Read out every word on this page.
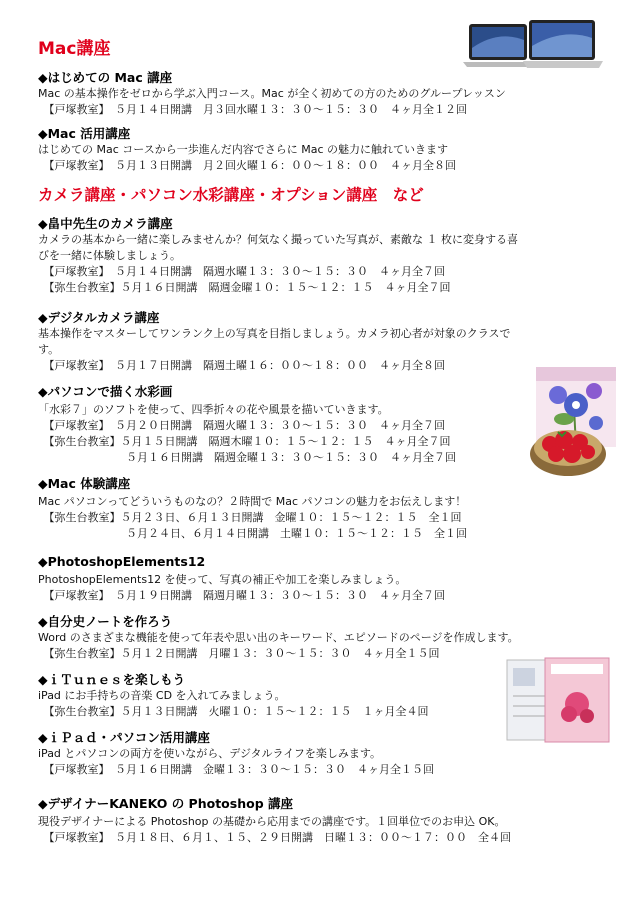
Mac講座
カメラ講座・パソコン水彩講座・オプション講座　など
◆はじめての Mac 講座
Mac の基本操作をゼロから学ぶ入門コース。Mac が全く初めての方のためのグループレッスン
　【戸塚教室】　５月１４日開講　月３回水曜１３：３０～１５：３０　４ヶ月全１２回
◆Mac 活用講座
はじめての Mac コースから一歩進んだ内容でさらに Mac の魅力に触れていきます
　【戸塚教室】　５月１３日開講　月２回火曜１６：００～１８：００　４ヶ月全８回
◆畠中先生のカメラ講座
カメラの基本から一緒に楽しみませんか？何気なく撮っていた写真が、素敵な １ 枚に変身する喜
びを一緒に体験しましょう。
　【戸塚教室】　５月１４日開講　隔週水曜１３：３０～１５：３０　４ヶ月全７回
　【弥生台教室】５月１６日開講　隔週金曜１０：１５～１２：１５　４ヶ月全７回
◆デジタルカメラ講座
基本操作をマスターしてワンランク上の写真を目指しましょう。カメラ初心者が対象のクラスで
す。
　【戸塚教室】　５月１７日開講　隔週土曜１６：００～１８：００　４ヶ月全８回
◆パソコンで描く水彩画
「水彩７」のソフトを使って、四季折々の花や風景を描いていきます。
　【戸塚教室】　５月２０日開講　隔週火曜１３：３０～１５：３０　４ヶ月全７回
　【弥生台教室】５月１５日開講　隔週木曜１０：１５～１２：１５　４ヶ月全７回
　　　　　　　　５月１６日開講　隔週金曜１３：３０～１５：３０　４ヶ月全７回
◆Mac 体験講座
Mac パソコンってどういうものなの？２時間で Mac パソコンの魅力をお伝えします！
　【弥生台教室】５月２３日、６月１３日開講　金曜１０：１５～１２：１５　全１回
　　　　　　　　５月２４日、６月１４日開講　土曜１０：１５～１２：１５　全１回
◆PhotoshopElements12
PhotoshopElements12 を使って、写真の補正や加工を楽しみましょう。
　【戸塚教室】　５月１９日開講　隔週月曜１３：３０～１５：３０　４ヶ月全７回
◆自分史ノートを作ろう
Word のさまざまな機能を使って年表や思い出のキーワード、エピソードのページを作成します。
　【弥生台教室】５月１２日開講　月曜１３：３０～１５：３０　４ヶ月全１５回
◆ｉＴｕｎｅｓを楽しもう
iPad にお手持ちの音楽 CD を入れてみましょう。
　【弥生台教室】５月１３日開講　火曜１０：１５～１２：１５　１ヶ月全４回
◆ｉＰａｄ・パソコン活用講座
iPad とパソコンの両方を使いながら、デジタルライフを楽しみます。
　【戸塚教室】　５月１６日開講　金曜１３：３０～１５：３０　４ヶ月全１５回
◆デザイナーKANEKO の Photoshop 講座
現役デザイナーによる Photoshop の基礎から応用までの講座です。１回単位でのお申込 OK。
　【戸塚教室】　５月１８日、６月１、１５、２９日開講　日曜１３：００～１７：００　全４回
